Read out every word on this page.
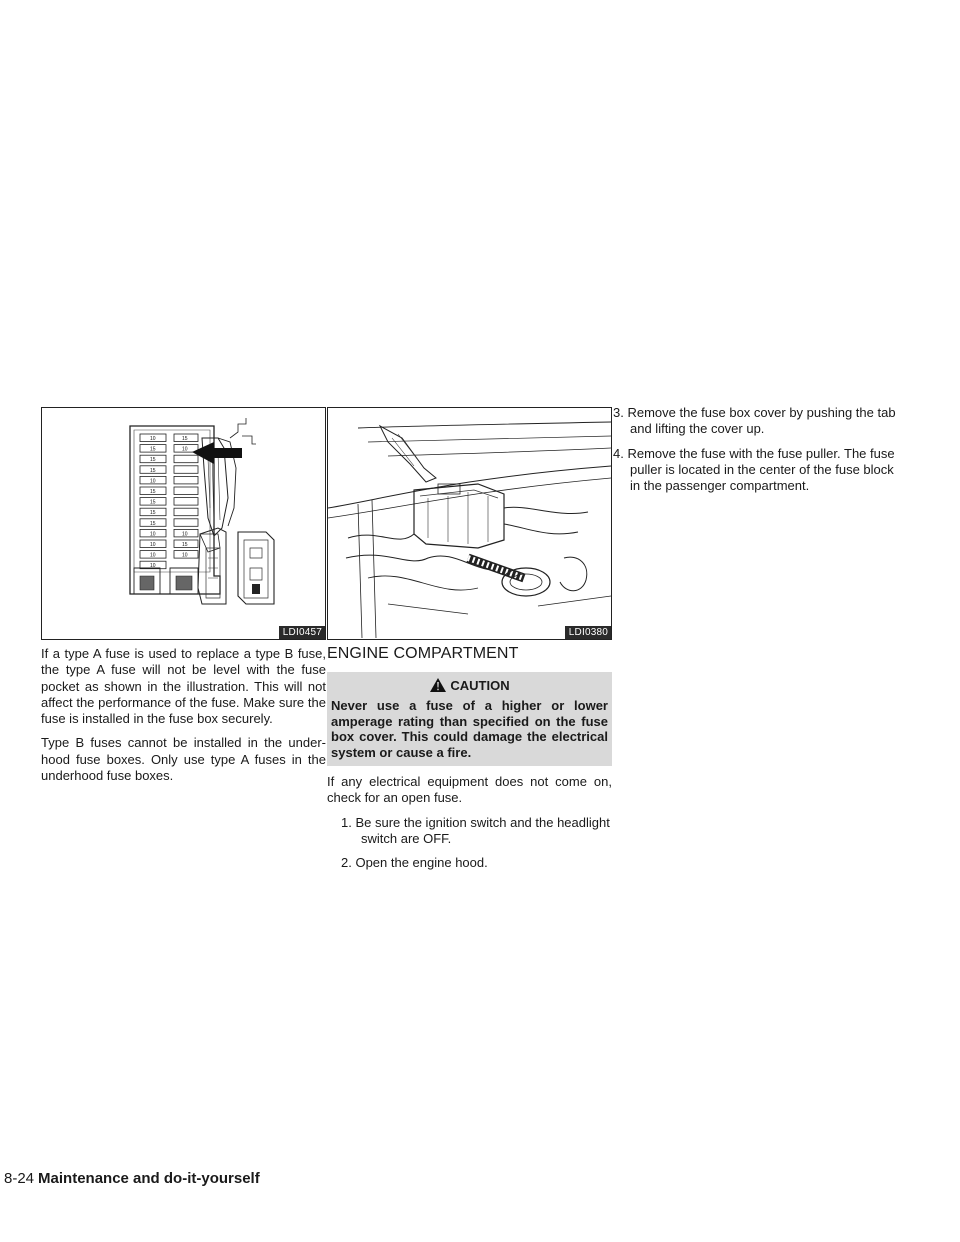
10
15
15
15
10
15
15
15
15
10
10
10
10
15
10
10
15
10
LDI0457

If a type A fuse is used to replace a type B fuse, the type A fuse will not be level with the fuse pocket as shown in the illustration. This will not affect the performance of the fuse. Make sure the fuse is installed in the fuse box securely.

Type B fuses cannot be installed in the under-hood fuse boxes. Only use type A fuses in the underhood fuse boxes.

LDI0380
ENGINE COMPARTMENT
CAUTION
Never use a fuse of a higher or lower amperage rating than specified on the fuse box cover. This could damage the electrical system or cause a fire.

If any electrical equipment does not come on, check for an open fuse.

1. Be sure the ignition switch and the headlight switch are OFF.
2. Open the engine hood.
3. Remove the fuse box cover by pushing the tab and lifting the cover up.
4. Remove the fuse with the fuse puller. The fuse puller is located in the center of the fuse block in the passenger compartment.
8-24 Maintenance and do-it-yourself
